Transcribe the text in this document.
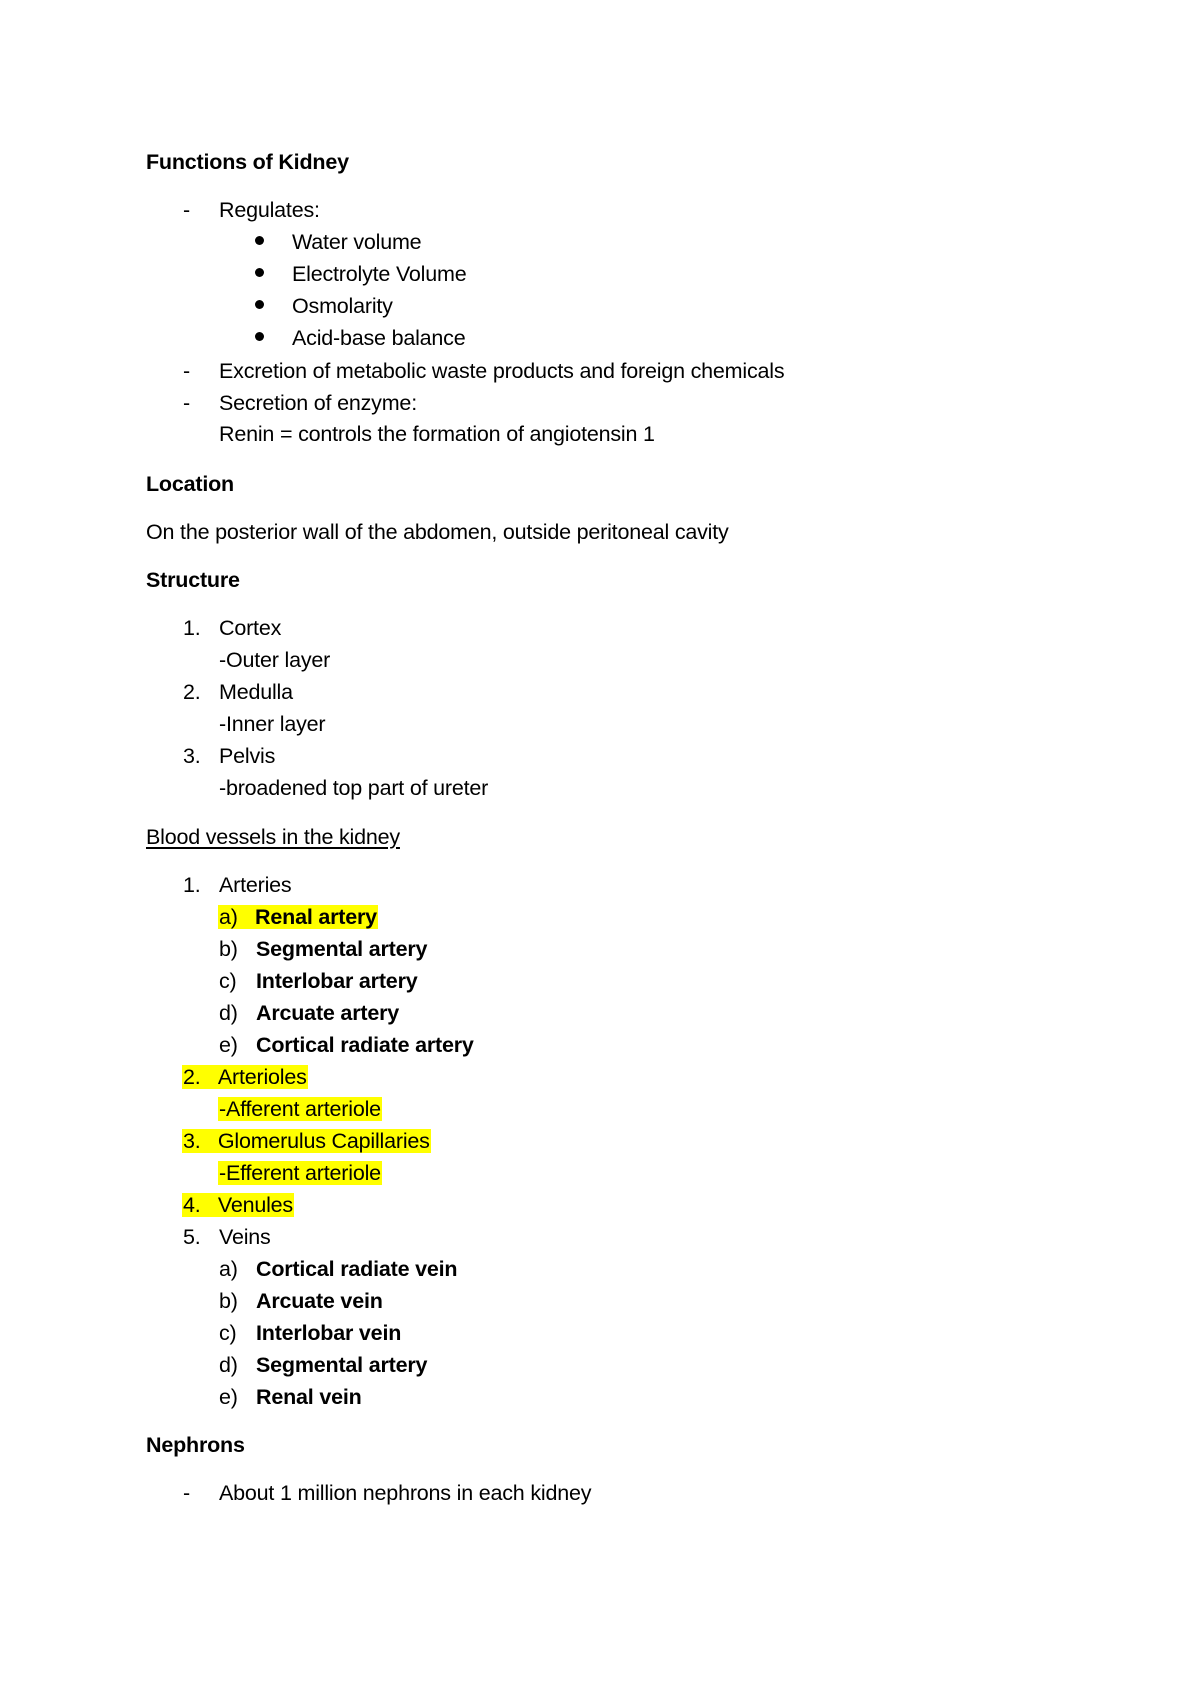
Functions of Kidney
- Regulates:
Water volume
Electrolyte Volume
Osmolarity
Acid-base balance
- Excretion of metabolic waste products and foreign chemicals
- Secretion of enzyme:
Renin = controls the formation of angiotensin 1
Location
On the posterior wall of the abdomen, outside peritoneal cavity
Structure
1. Cortex
-Outer layer
2. Medulla
-Inner layer
3. Pelvis
-broadened top part of ureter
Blood vessels in the kidney
1. Arteries
a) Renal artery
b) Segmental artery
c) Interlobar artery
d) Arcuate artery
e) Cortical radiate artery
2. Arterioles
-Afferent arteriole
3. Glomerulus Capillaries
-Efferent arteriole
4. Venules
5. Veins
a) Cortical radiate vein
b) Arcuate vein
c) Interlobar vein
d) Segmental artery
e) Renal vein
Nephrons
- About 1 million nephrons in each kidney
